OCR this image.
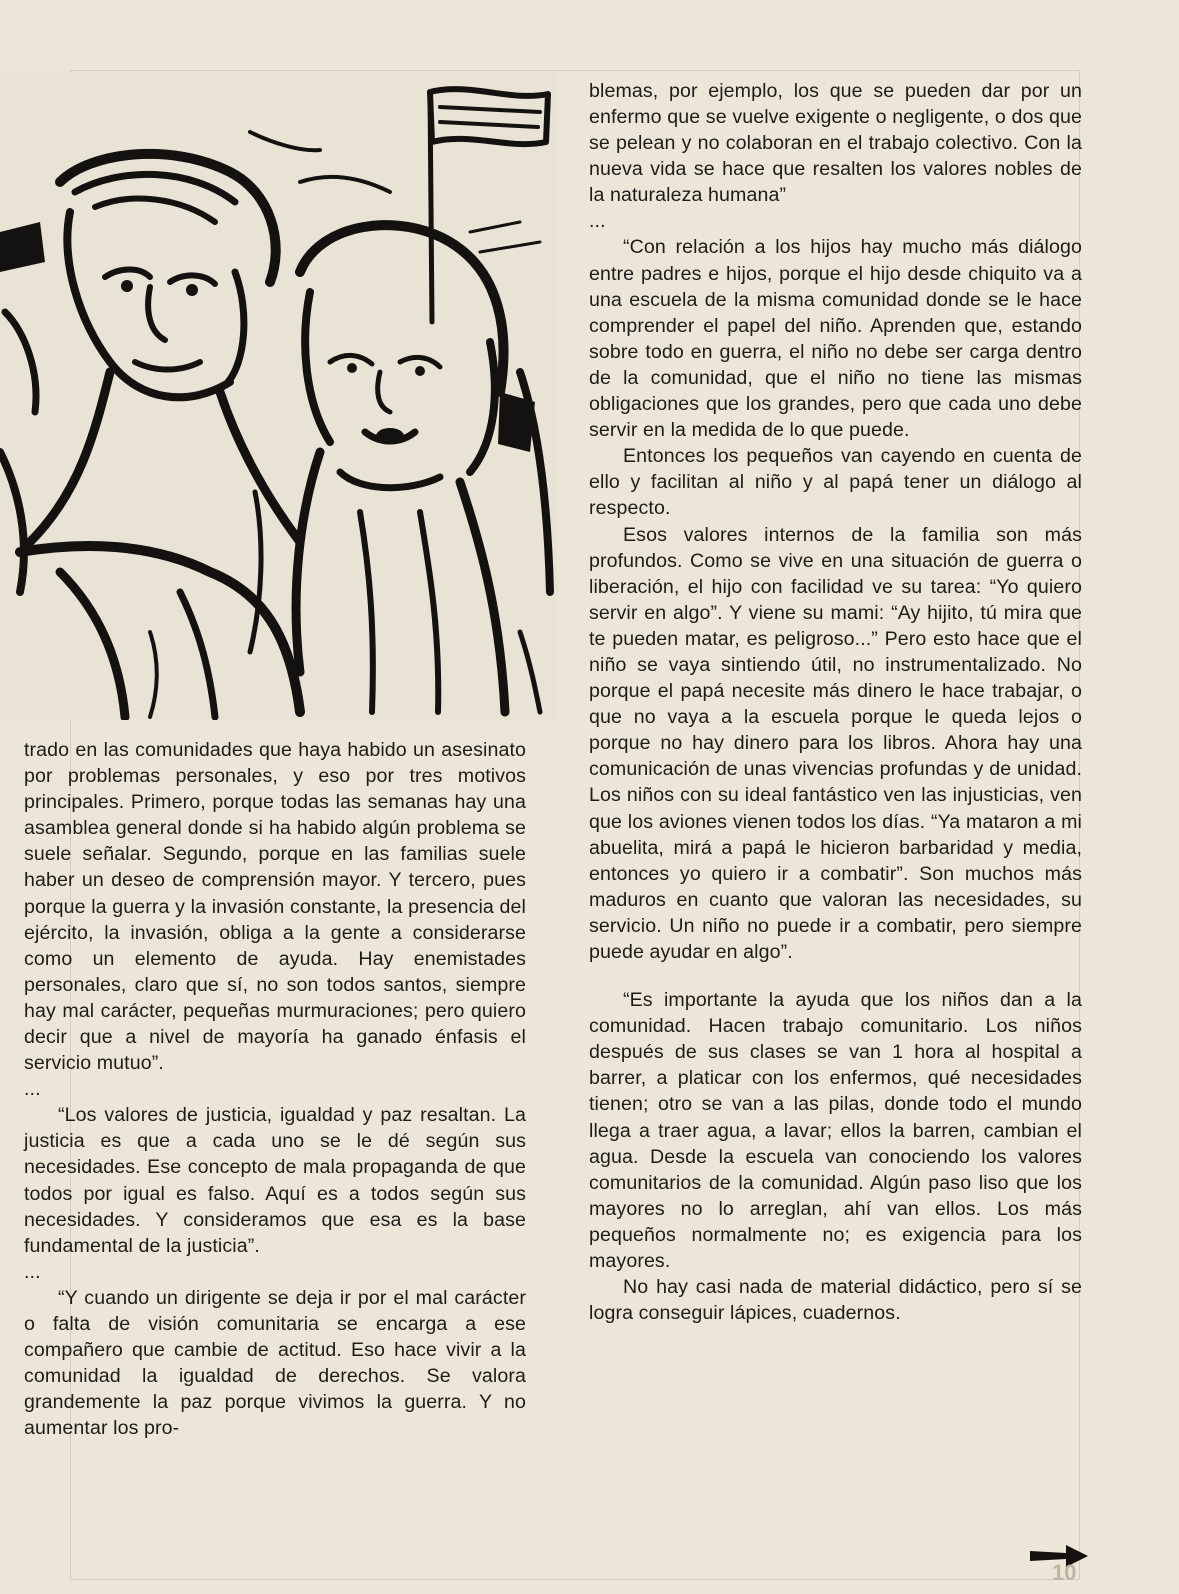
trado en las comunidades que haya habido un asesinato por problemas personales, y eso por tres motivos principales. Primero, porque todas las semanas hay una asamblea general donde si ha habido algún problema se suele señalar. Segundo, porque en las familias suele haber un deseo de comprensión mayor. Y tercero, pues porque la guerra y la invasión constante, la presencia del ejército, la invasión, obliga a la gente a considerarse como un elemento de ayuda. Hay enemistades personales, claro que sí, no son todos santos, siempre hay mal carácter, pequeñas murmuraciones; pero quiero decir que a nivel de mayoría ha ganado énfasis el servicio mutuo”.

...

“Los valores de justicia, igualdad y paz resaltan. La justicia es que a cada uno se le dé según sus necesidades. Ese concepto de mala propaganda de que todos por igual es falso. Aquí es a todos según sus necesidades. Y consideramos que esa es la base fundamental de la justicia”.

...

“Y cuando un dirigente se deja ir por el mal carácter o falta de visión comunitaria se encarga a ese compañero que cambie de actitud. Eso hace vivir a la comunidad la igualdad de derechos. Se valora grandemente la paz porque vivimos la guerra. Y no aumentar los pro-

blemas, por ejemplo, los que se pueden dar por un enfermo que se vuelve exigente o negligente, o dos que se pelean y no colaboran en el trabajo colectivo. Con la nueva vida se hace que resalten los valores nobles de la naturaleza humana”

...

“Con relación a los hijos hay mucho más diálogo entre padres e hijos, porque el hijo desde chiquito va a una escuela de la misma comunidad donde se le hace comprender el papel del niño. Aprenden que, estando sobre todo en guerra, el niño no debe ser carga dentro de la comunidad, que el niño no tiene las mismas obligaciones que los grandes, pero que cada uno debe servir en la medida de lo que puede.

Entonces los pequeños van cayendo en cuenta de ello y facilitan al niño y al papá tener un diálogo al respecto.

Esos valores internos de la familia son más profundos. Como se vive en una situación de guerra o liberación, el hijo con facilidad ve su tarea: “Yo quiero servir en algo”. Y viene su mami: “Ay hijito, tú mira que te pueden matar, es peligroso...” Pero esto hace que el niño se vaya sintiendo útil, no instrumentalizado. No porque el papá necesite más dinero le hace trabajar, o que no vaya a la escuela porque le queda lejos o porque no hay dinero para los libros. Ahora hay una comunicación de unas vivencias profundas y de unidad. Los niños con su ideal fantástico ven las injusticias, ven que los aviones vienen todos los días. “Ya mataron a mi abuelita, mirá a papá le hicieron barbaridad y media, entonces yo quiero ir a combatir”. Son muchos más maduros en cuanto que valoran las necesidades, su servicio. Un niño no puede ir a combatir, pero siempre puede ayudar en algo”.

“Es importante la ayuda que los niños dan a la comunidad. Hacen trabajo comunitario. Los niños después de sus clases se van 1 hora al hospital a barrer, a platicar con los enfermos, qué necesidades tienen; otro se van a las pilas, donde todo el mundo llega a traer agua, a lavar; ellos la barren, cambian el agua. Desde la escuela van conociendo los valores comunitarios de la comunidad. Algún paso liso que los mayores no lo arreglan, ahí van ellos. Los más pequeños normalmente no; es exigencia para los mayores.

No hay casi nada de material didáctico, pero sí se logra conseguir lápices, cuadernos.

10
